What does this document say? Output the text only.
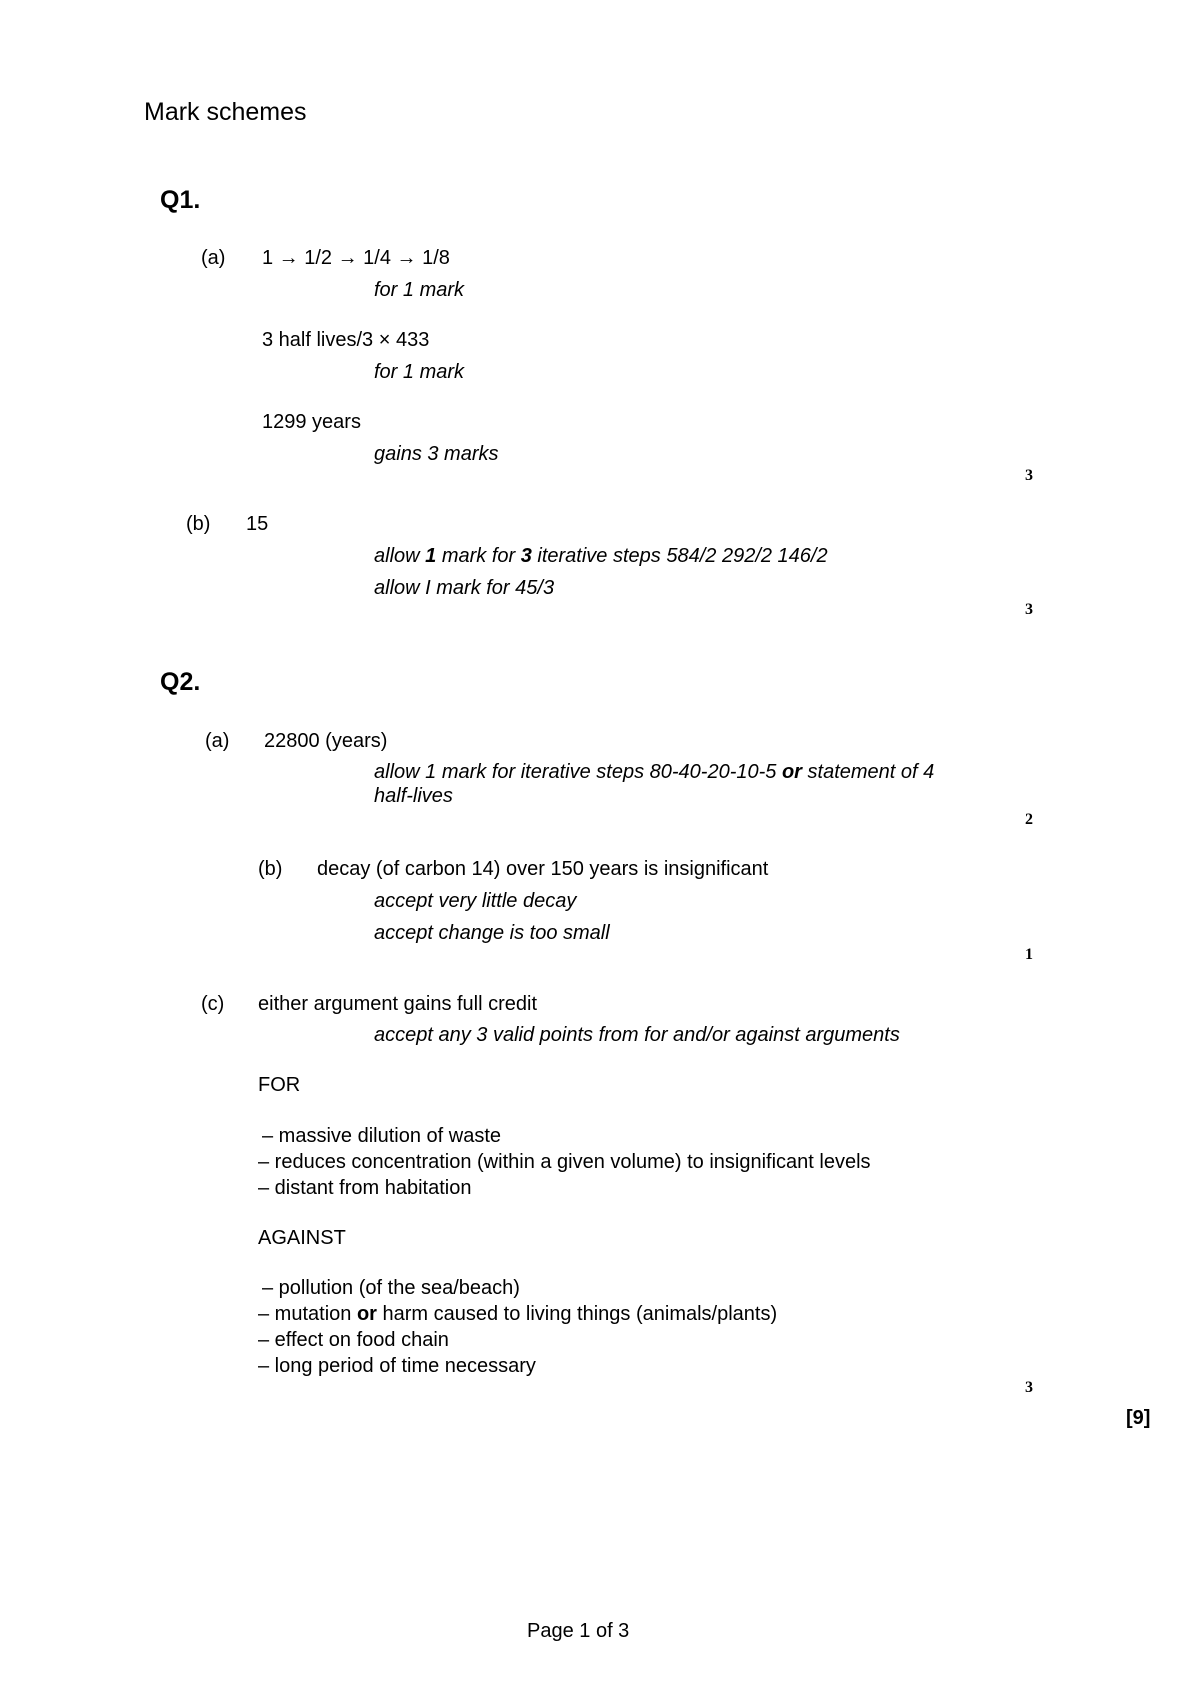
Mark schemes
Q1.
(a) 1 → 1/2 → 1/4 → 1/8
for 1 mark
3 half lives/3 × 433
for 1 mark
1299 years
gains 3 marks
3
(b) 15
allow 1 mark for 3 iterative steps 584/2 292/2 146/2
allow I mark for 45/3
3
Q2.
(a) 22800 (years)
allow 1 mark for iterative steps 80-40-20-10-5 or statement of 4 half-lives
2
(b) decay (of carbon 14) over 150 years is insignificant
accept very little decay
accept change is too small
1
(c) either argument gains full credit
accept any 3 valid points from for and/or against arguments
FOR
– massive dilution of waste
– reduces concentration (within a given volume) to insignificant levels
– distant from habitation
AGAINST
– pollution (of the sea/beach)
– mutation or harm caused to living things (animals/plants)
– effect on food chain
– long period of time necessary
3
[9]
Page 1 of 3
